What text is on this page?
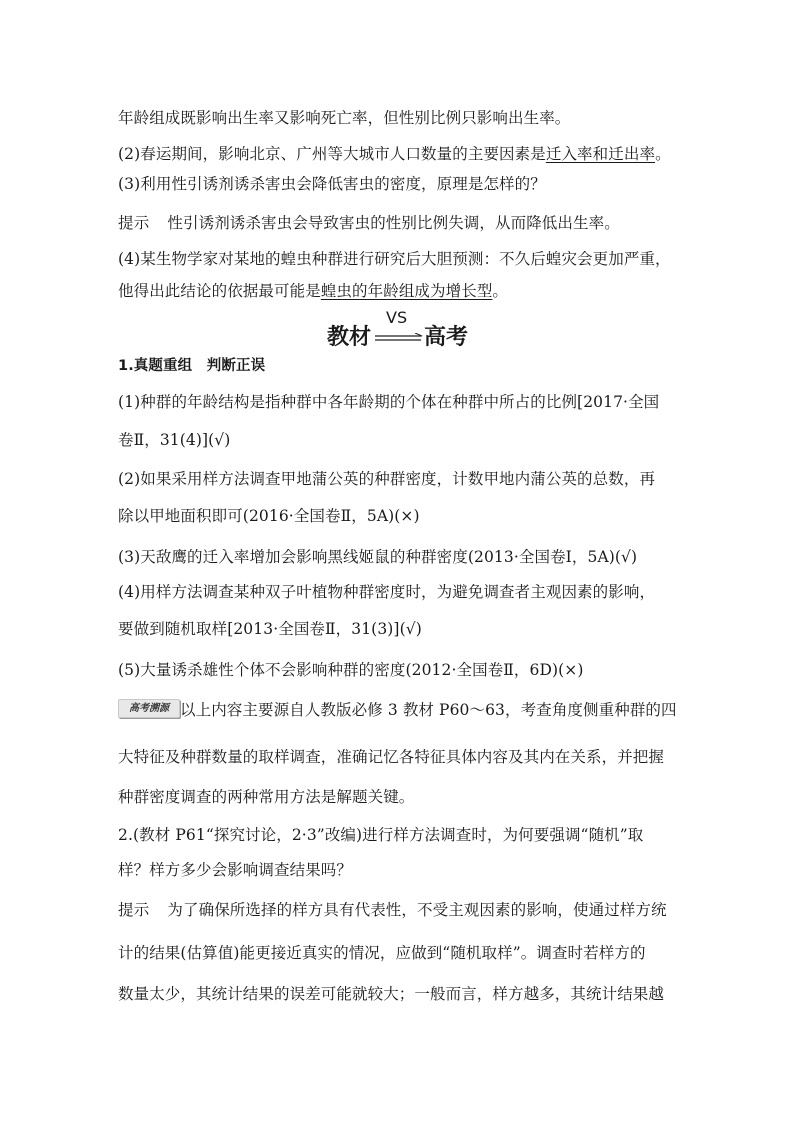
年龄组成既影响出生率又影响死亡率，但性别比例只影响出生率。
(2)春运期间，影响北京、广州等大城市人口数量的主要因素是迁入率和迁出率。
(3)利用性引诱剂诱杀害虫会降低害虫的密度，原理是怎样的？
提示 性引诱剂诱杀害虫会导致害虫的性别比例失调，从而降低出生率。
(4)某生物学家对某地的蝗虫种群进行研究后大胆预测：不久后蝗灾会更加严重，
他得出此结论的依据最可能是蝗虫的年龄组成为增长型。
教材
VS
高考
1.真题重组　判断正误
(1)种群的年龄结构是指种群中各年龄期的个体在种群中所占的比例[2017·全国
卷Ⅱ，31(4)](√)
(2)如果采用样方法调查甲地蒲公英的种群密度，计数甲地内蒲公英的总数，再
除以甲地面积即可(2016·全国卷Ⅱ，5A)(×)
(3)天敌鹰的迁入率增加会影响黑线姬鼠的种群密度(2013·全国卷Ⅰ，5A)(√)
(4)用样方法调查某种双子叶植物种群密度时，为避免调查者主观因素的影响，
要做到随机取样[2013·全国卷Ⅱ，31(3)](√)
(5)大量诱杀雄性个体不会影响种群的密度(2012·全国卷Ⅱ，6D)(×)
高考溯源 以上内容主要源自人教版必修 3 教材 P60～63，考查角度侧重种群的四
大特征及种群数量的取样调查，准确记忆各特征具体内容及其内在关系，并把握
种群密度调查的两种常用方法是解题关键。
2.(教材 P61“探究讨论，2·3”改编)进行样方法调查时，为何要强调“随机”取
样？样方多少会影响调查结果吗？
提示 为了确保所选择的样方具有代表性，不受主观因素的影响，使通过样方统
计的结果(估算值)能更接近真实的情况，应做到“随机取样”。调查时若样方的
数量太少，其统计结果的误差可能就较大；一般而言，样方越多，其统计结果越
